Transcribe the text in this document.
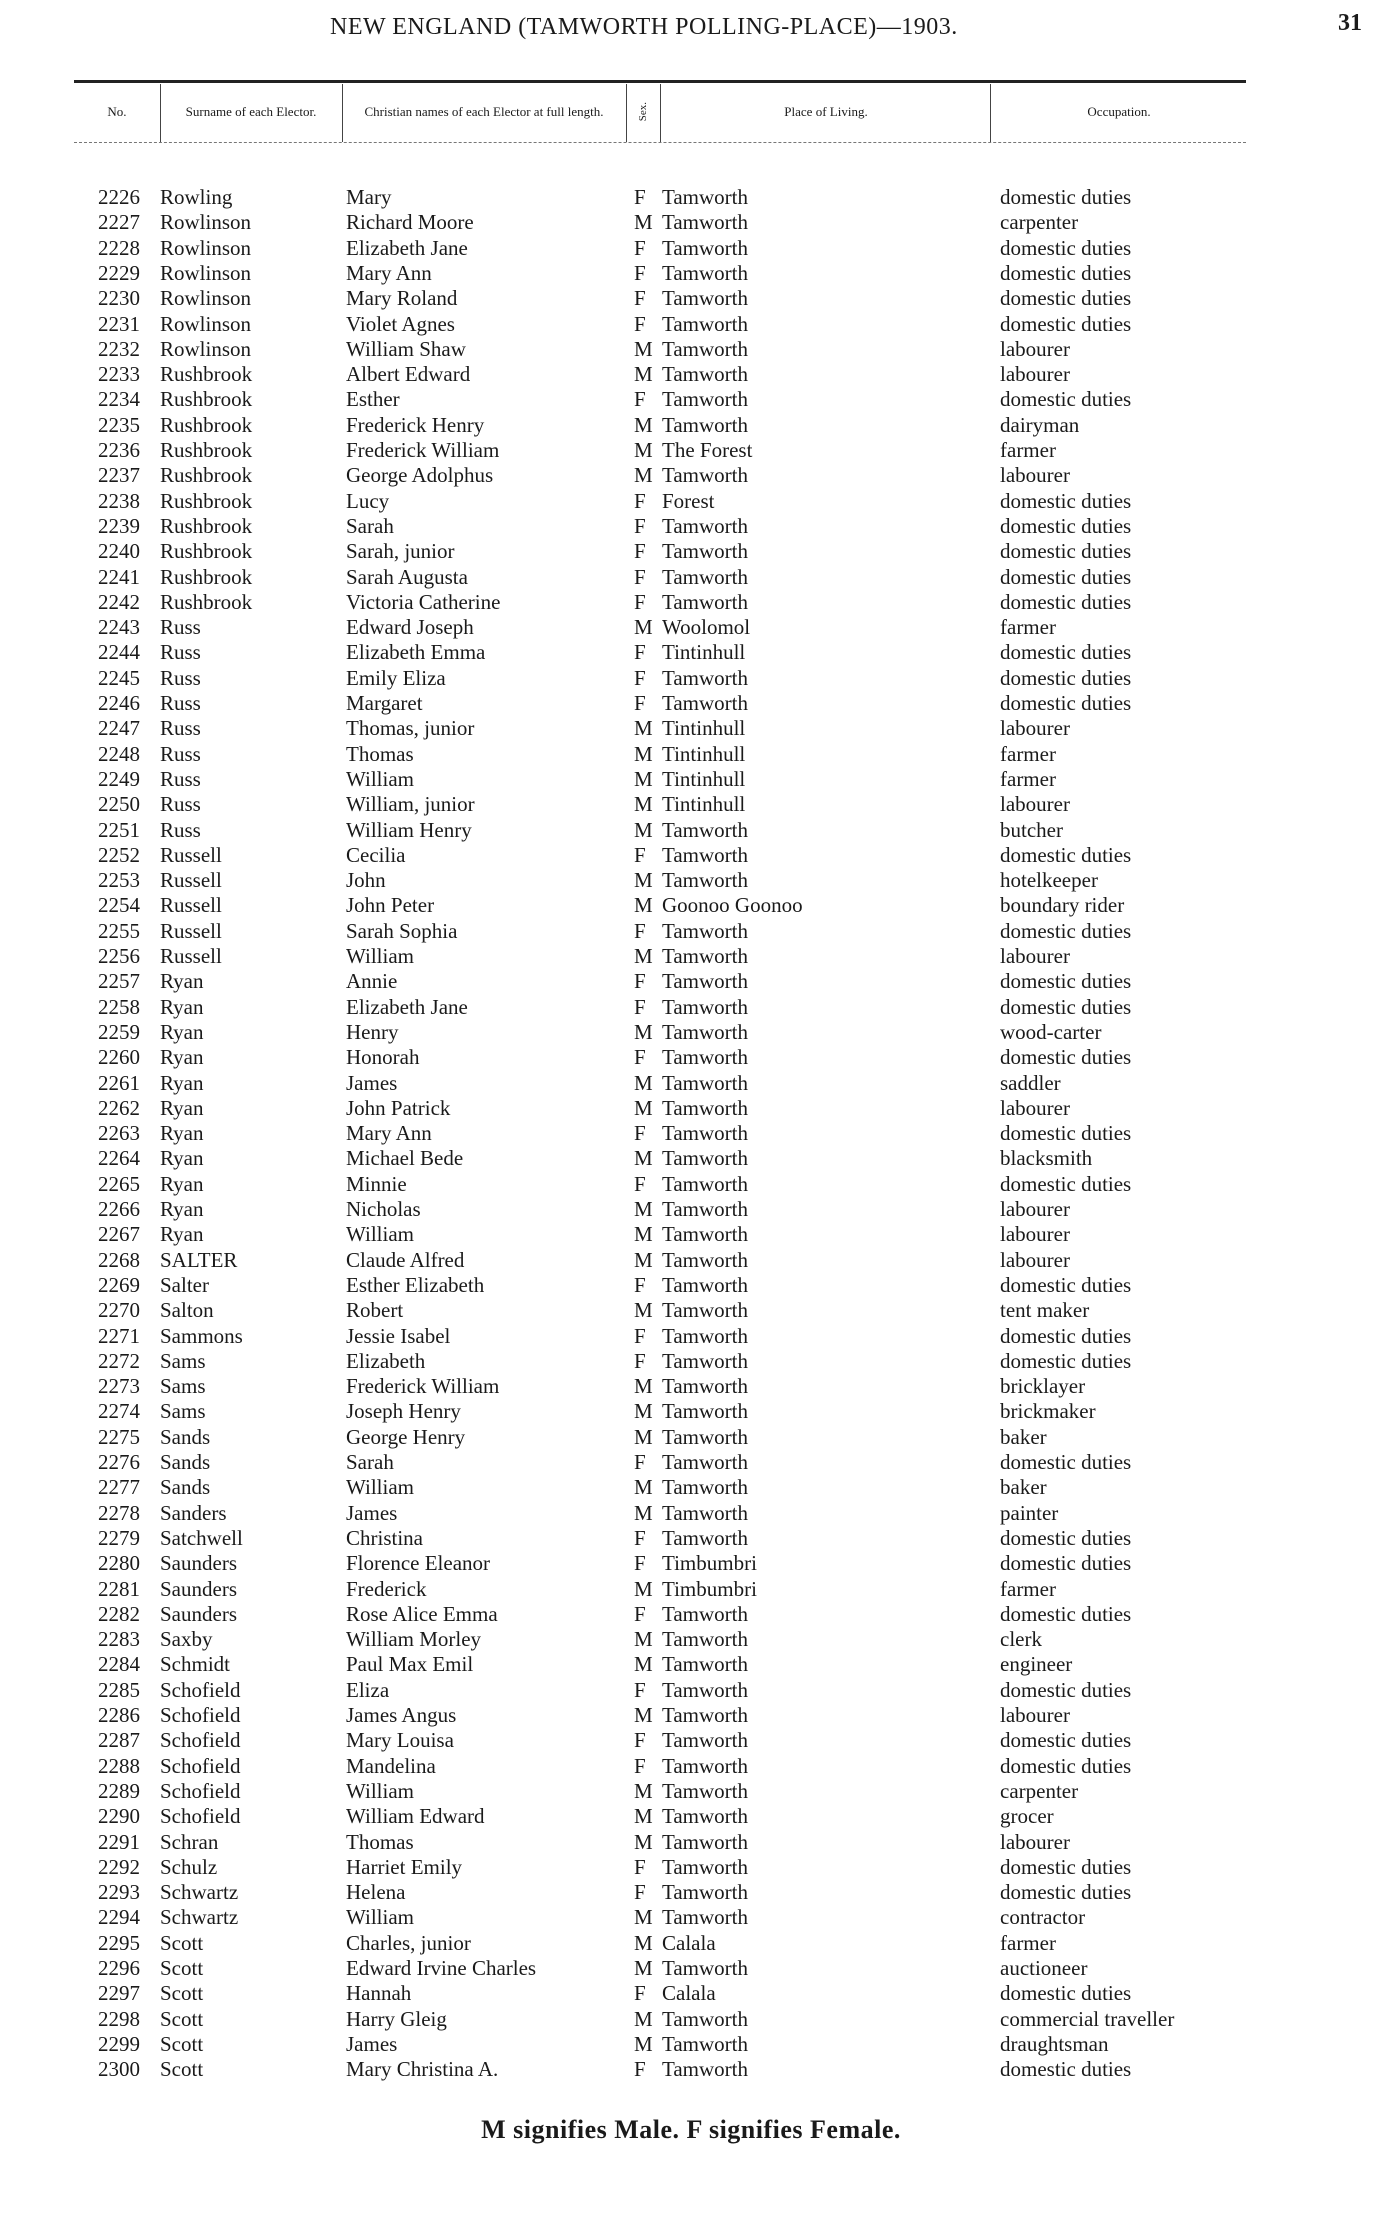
NEW ENGLAND (TAMWORTH POLLING-PLACE)—1903.	31
No.	Surname of each Elector.	Christian names of each Elector at full length.	Sex.	Place of Living.	Occupation.
2226 Rowling	Mary	F Tamworth	domestic duties
2227 Rowlinson	Richard Moore	M Tamworth	carpenter
2228 Rowlinson	Elizabeth Jane	F Tamworth	domestic duties
2229 Rowlinson	Mary Ann	F Tamworth	domestic duties
2230 Rowlinson	Mary Roland	F Tamworth	domestic duties
2231 Rowlinson	Violet Agnes	F Tamworth	domestic duties
2232 Rowlinson	William Shaw	M Tamworth	labourer
2233 Rushbrook	Albert Edward	M Tamworth	labourer
2234 Rushbrook	Esther	F Tamworth	domestic duties
2235 Rushbrook	Frederick Henry	M Tamworth	dairyman
2236 Rushbrook	Frederick William	M The Forest	farmer
2237 Rushbrook	George Adolphus	M Tamworth	labourer
2238 Rushbrook	Lucy	F Forest	domestic duties
2239 Rushbrook	Sarah	F Tamworth	domestic duties
2240 Rushbrook	Sarah, junior	F Tamworth	domestic duties
2241 Rushbrook	Sarah Augusta	F Tamworth	domestic duties
2242 Rushbrook	Victoria Catherine	F Tamworth	domestic duties
2243 Russ	Edward Joseph	M Woolomol	farmer
2244 Russ	Elizabeth Emma	F Tintinhull	domestic duties
2245 Russ	Emily Eliza	F Tamworth	domestic duties
2246 Russ	Margaret	F Tamworth	domestic duties
2247 Russ	Thomas, junior	M Tintinhull	labourer
2248 Russ	Thomas	M Tintinhull	farmer
2249 Russ	William	M Tintinhull	farmer
2250 Russ	William, junior	M Tintinhull	labourer
2251 Russ	William Henry	M Tamworth	butcher
2252 Russell	Cecilia	F Tamworth	domestic duties
2253 Russell	John	M Tamworth	hotelkeeper
2254 Russell	John Peter	M Goonoo Goonoo	boundary rider
2255 Russell	Sarah Sophia	F Tamworth	domestic duties
2256 Russell	William	M Tamworth	labourer
2257 Ryan	Annie	F Tamworth	domestic duties
2258 Ryan	Elizabeth Jane	F Tamworth	domestic duties
2259 Ryan	Henry	M Tamworth	wood-carter
2260 Ryan	Honorah	F Tamworth	domestic duties
2261 Ryan	James	M Tamworth	saddler
2262 Ryan	John Patrick	M Tamworth	labourer
2263 Ryan	Mary Ann	F Tamworth	domestic duties
2264 Ryan	Michael Bede	M Tamworth	blacksmith
2265 Ryan	Minnie	F Tamworth	domestic duties
2266 Ryan	Nicholas	M Tamworth	labourer
2267 Ryan	William	M Tamworth	labourer
2268 SALTER	Claude Alfred	M Tamworth	labourer
2269 Salter	Esther Elizabeth	F Tamworth	domestic duties
2270 Salton	Robert	M Tamworth	tent maker
2271 Sammons	Jessie Isabel	F Tamworth	domestic duties
2272 Sams	Elizabeth	F Tamworth	domestic duties
2273 Sams	Frederick William	M Tamworth	bricklayer
2274 Sams	Joseph Henry	M Tamworth	brickmaker
2275 Sands	George Henry	M Tamworth	baker
2276 Sands	Sarah	F Tamworth	domestic duties
2277 Sands	William	M Tamworth	baker
2278 Sanders	James	M Tamworth	painter
2279 Satchwell	Christina	F Tamworth	domestic duties
2280 Saunders	Florence Eleanor	F Timbumbri	domestic duties
2281 Saunders	Frederick	M Timbumbri	farmer
2282 Saunders	Rose Alice Emma	F Tamworth	domestic duties
2283 Saxby	William Morley	M Tamworth	clerk
2284 Schmidt	Paul Max Emil	M Tamworth	engineer
2285 Schofield	Eliza	F Tamworth	domestic duties
2286 Schofield	James Angus	M Tamworth	labourer
2287 Schofield	Mary Louisa	F Tamworth	domestic duties
2288 Schofield	Mandelina	F Tamworth	domestic duties
2289 Schofield	William	M Tamworth	carpenter
2290 Schofield	William Edward	M Tamworth	grocer
2291 Schran	Thomas	M Tamworth	labourer
2292 Schulz	Harriet Emily	F Tamworth	domestic duties
2293 Schwartz	Helena	F Tamworth	domestic duties
2294 Schwartz	William	M Tamworth	contractor
2295 Scott	Charles, junior	M Calala	farmer
2296 Scott	Edward Irvine Charles	M Tamworth	auctioneer
2297 Scott	Hannah	F Calala	domestic duties
2298 Scott	Harry Gleig	M Tamworth	commercial traveller
2299 Scott	James	M Tamworth	draughtsman
2300 Scott	Mary Christina A.	F Tamworth	domestic duties
M signifies Male. F signifies Female.
